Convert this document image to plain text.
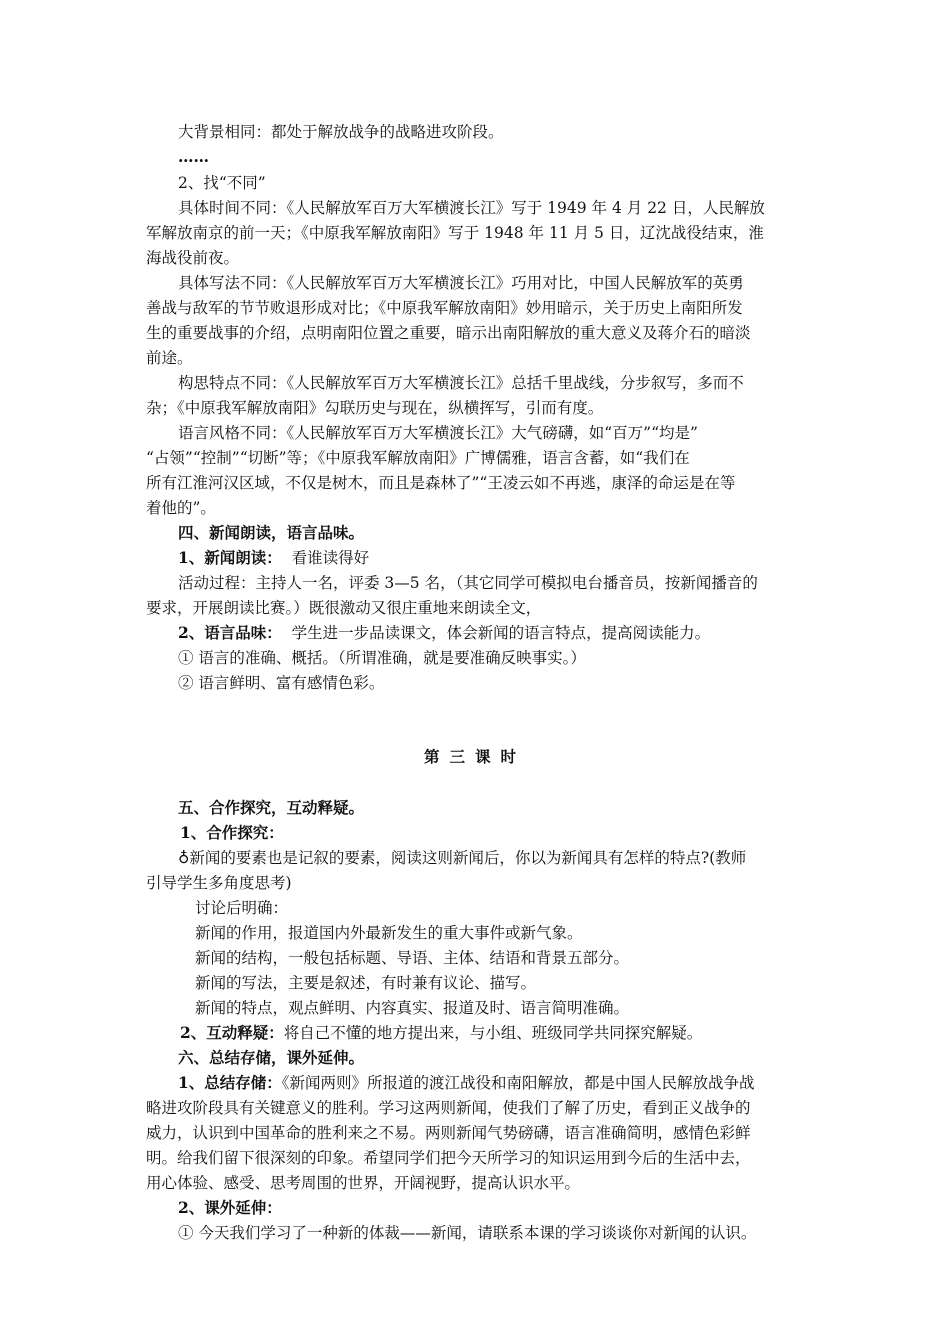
大背景相同：都处于解放战争的战略进攻阶段。
……
2、找“不同”
具体时间不同：《人民解放军百万大军横渡长江》写于 1949 年 4 月 22 日，人民解放
军解放南京的前一天；《中原我军解放南阳》写于 1948 年 11 月 5 日，辽沈战役结束，淮
海战役前夜。
具体写法不同：《人民解放军百万大军横渡长江》巧用对比，中国人民解放军的英勇
善战与敌军的节节败退形成对比；《中原我军解放南阳》妙用暗示，关于历史上南阳所发
生的重要战事的介绍，点明南阳位置之重要，暗示出南阳解放的重大意义及蒋介石的暗淡
前途。
构思特点不同：《人民解放军百万大军横渡长江》总括千里战线，分步叙写，多而不
杂；《中原我军解放南阳》勾联历史与现在，纵横挥写，引而有度。
语言风格不同：《人民解放军百万大军横渡长江》大气磅礴，如“百万”“均是”
“占领”“控制”“切断”等；《中原我军解放南阳》广博儒雅，语言含蓄，如“我们在
所有江淮河汉区域，不仅是树木，而且是森林了”“王凌云如不再逃，康泽的命运是在等
着他的”。
四、新闻朗读，语言品味。
1、新闻朗读： 看谁读得好
活动过程：主持人一名，评委 3—5 名，（其它同学可模拟电台播音员，按新闻播音的
要求，开展朗读比赛。）既很激动又很庄重地来朗读全文，
2、语言品味： 学生进一步品读课文，体会新闻的语言特点，提高阅读能力。
① 语言的准确、概括。（所谓准确，就是要准确反映事实。）
② 语言鲜明、富有感情色彩。
第三课时
五、合作探究，互动释疑。
1、合作探究：
♁新闻的要素也是记叙的要素，阅读这则新闻后，你以为新闻具有怎样的特点?(教师
引导学生多角度思考)
讨论后明确：
新闻的作用，报道国内外最新发生的重大事件或新气象。
新闻的结构，一般包括标题、导语、主体、结语和背景五部分。
新闻的写法，主要是叙述，有时兼有议论、描写。
新闻的特点，观点鲜明、内容真实、报道及时、语言简明准确。
2、互动释疑：将自己不懂的地方提出来，与小组、班级同学共同探究解疑。
六、总结存储，课外延伸。
1、总结存储：《新闻两则》所报道的渡江战役和南阳解放，都是中国人民解放战争战
略进攻阶段具有关键意义的胜利。学习这两则新闻，使我们了解了历史，看到正义战争的
威力，认识到中国革命的胜利来之不易。两则新闻气势磅礴，语言准确简明，感情色彩鲜
明。给我们留下很深刻的印象。希望同学们把今天所学习的知识运用到今后的生活中去，
用心体验、感受、思考周围的世界，开阔视野，提高认识水平。
2、课外延伸：
① 今天我们学习了一种新的体裁——新闻，请联系本课的学习谈谈你对新闻的认识。
